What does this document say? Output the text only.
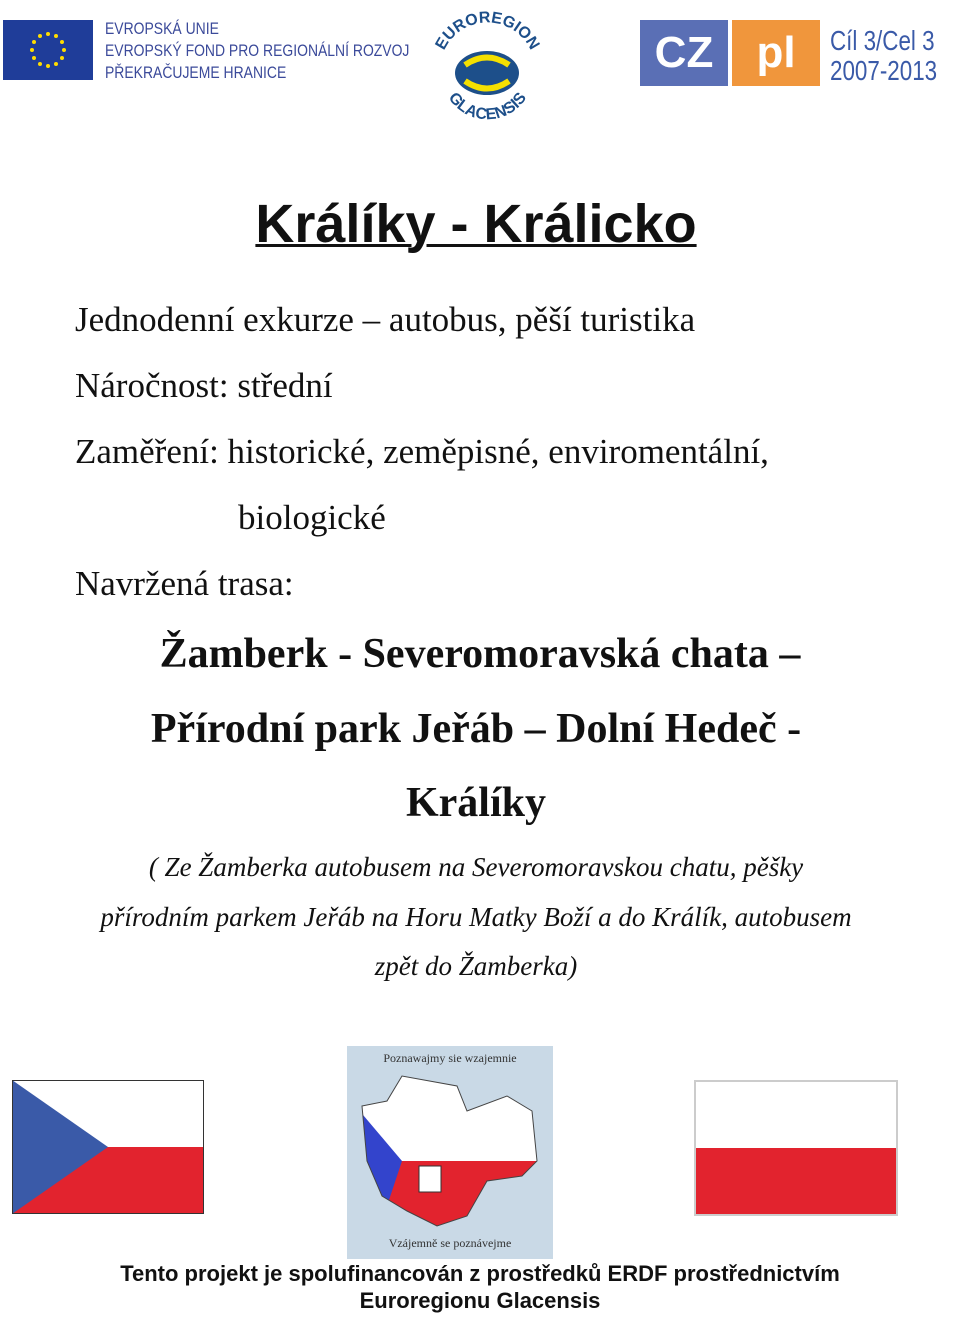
EVROPSKÁ UNIE
EVROPSKÝ FOND PRO REGIONÁLNÍ ROZVOJ
PŘEKRAČUJEME HRANICE
EUROREGION
GLACENSIS
CZ pl	Cíl 3/Cel 3
2007-2013
Králíky - Králicko
Jednodenní exkurze – autobus, pěší turistika
Náročnost: střední
Zaměření: historické, zeměpisné, enviromentální,
biologické
Navržená trasa:
Žamberk - Severomoravská chata –
Přírodní park Jeřáb – Dolní Hedeč -
Králíky
( Ze Žamberka autobusem na Severomoravskou chatu, pěšky
přírodním parkem Jeřáb na Horu Matky Boží a do Králík, autobusem
zpět do Žamberka)
Poznawajmy sie wzajemnie
Vzájemně se poznávejme
Tento projekt je spolufinancován z prostředků ERDF prostřednictvím
Euroregionu Glacensis
